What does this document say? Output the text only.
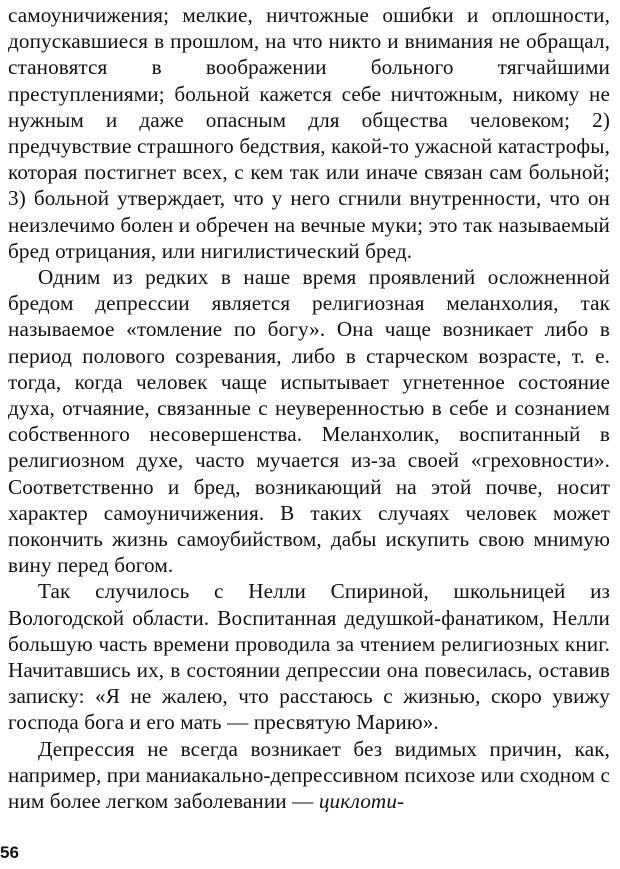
самоуничижения; мелкие, ничтожные ошибки и оплошности, допускавшиеся в прошлом, на что никто и внимания не обращал, становятся в воображении больного тягчайшими преступлениями; больной кажется себе ничтожным, никому не нужным и даже опасным для общества человеком; 2) предчувствие страшного бедствия, какой-то ужасной катастрофы, которая постигнет всех, с кем так или иначе связан сам больной; 3) больной утверждает, что у него сгнили внутренности, что он неизлечимо болен и обречен на вечные муки; это так называемый бред отрицания, или нигилистический бред.

Одним из редких в наше время проявлений осложненной бредом депрессии является религиозная меланхолия, так называемое «томление по богу». Она чаще возникает либо в период полового созревания, либо в старческом возрасте, т. е. тогда, когда человек чаще испытывает угнетенное состояние духа, отчаяние, связанные с неуверенностью в себе и сознанием собственного несовершенства. Меланхолик, воспитанный в религиозном духе, часто мучается из-за своей «греховности». Соответственно и бред, возникающий на этой почве, носит характер самоуничижения. В таких случаях человек может покончить жизнь самоубийством, дабы искупить свою мнимую вину перед богом.

Так случилось с Нелли Спириной, школьницей из Вологодской области. Воспитанная дедушкой-фанатиком, Нелли большую часть времени проводила за чтением религиозных книг. Начитавшись их, в состоянии депрессии она повесилась, оставив записку: «Я не жалею, что расстаюсь с жизнью, скоро увижу господа бога и его мать — пресвятую Марию».

Депрессия не всегда возникает без видимых причин, как, например, при маниакально-депрессивном психозе или сходном с ним более легком заболевании — циклоти-

56
